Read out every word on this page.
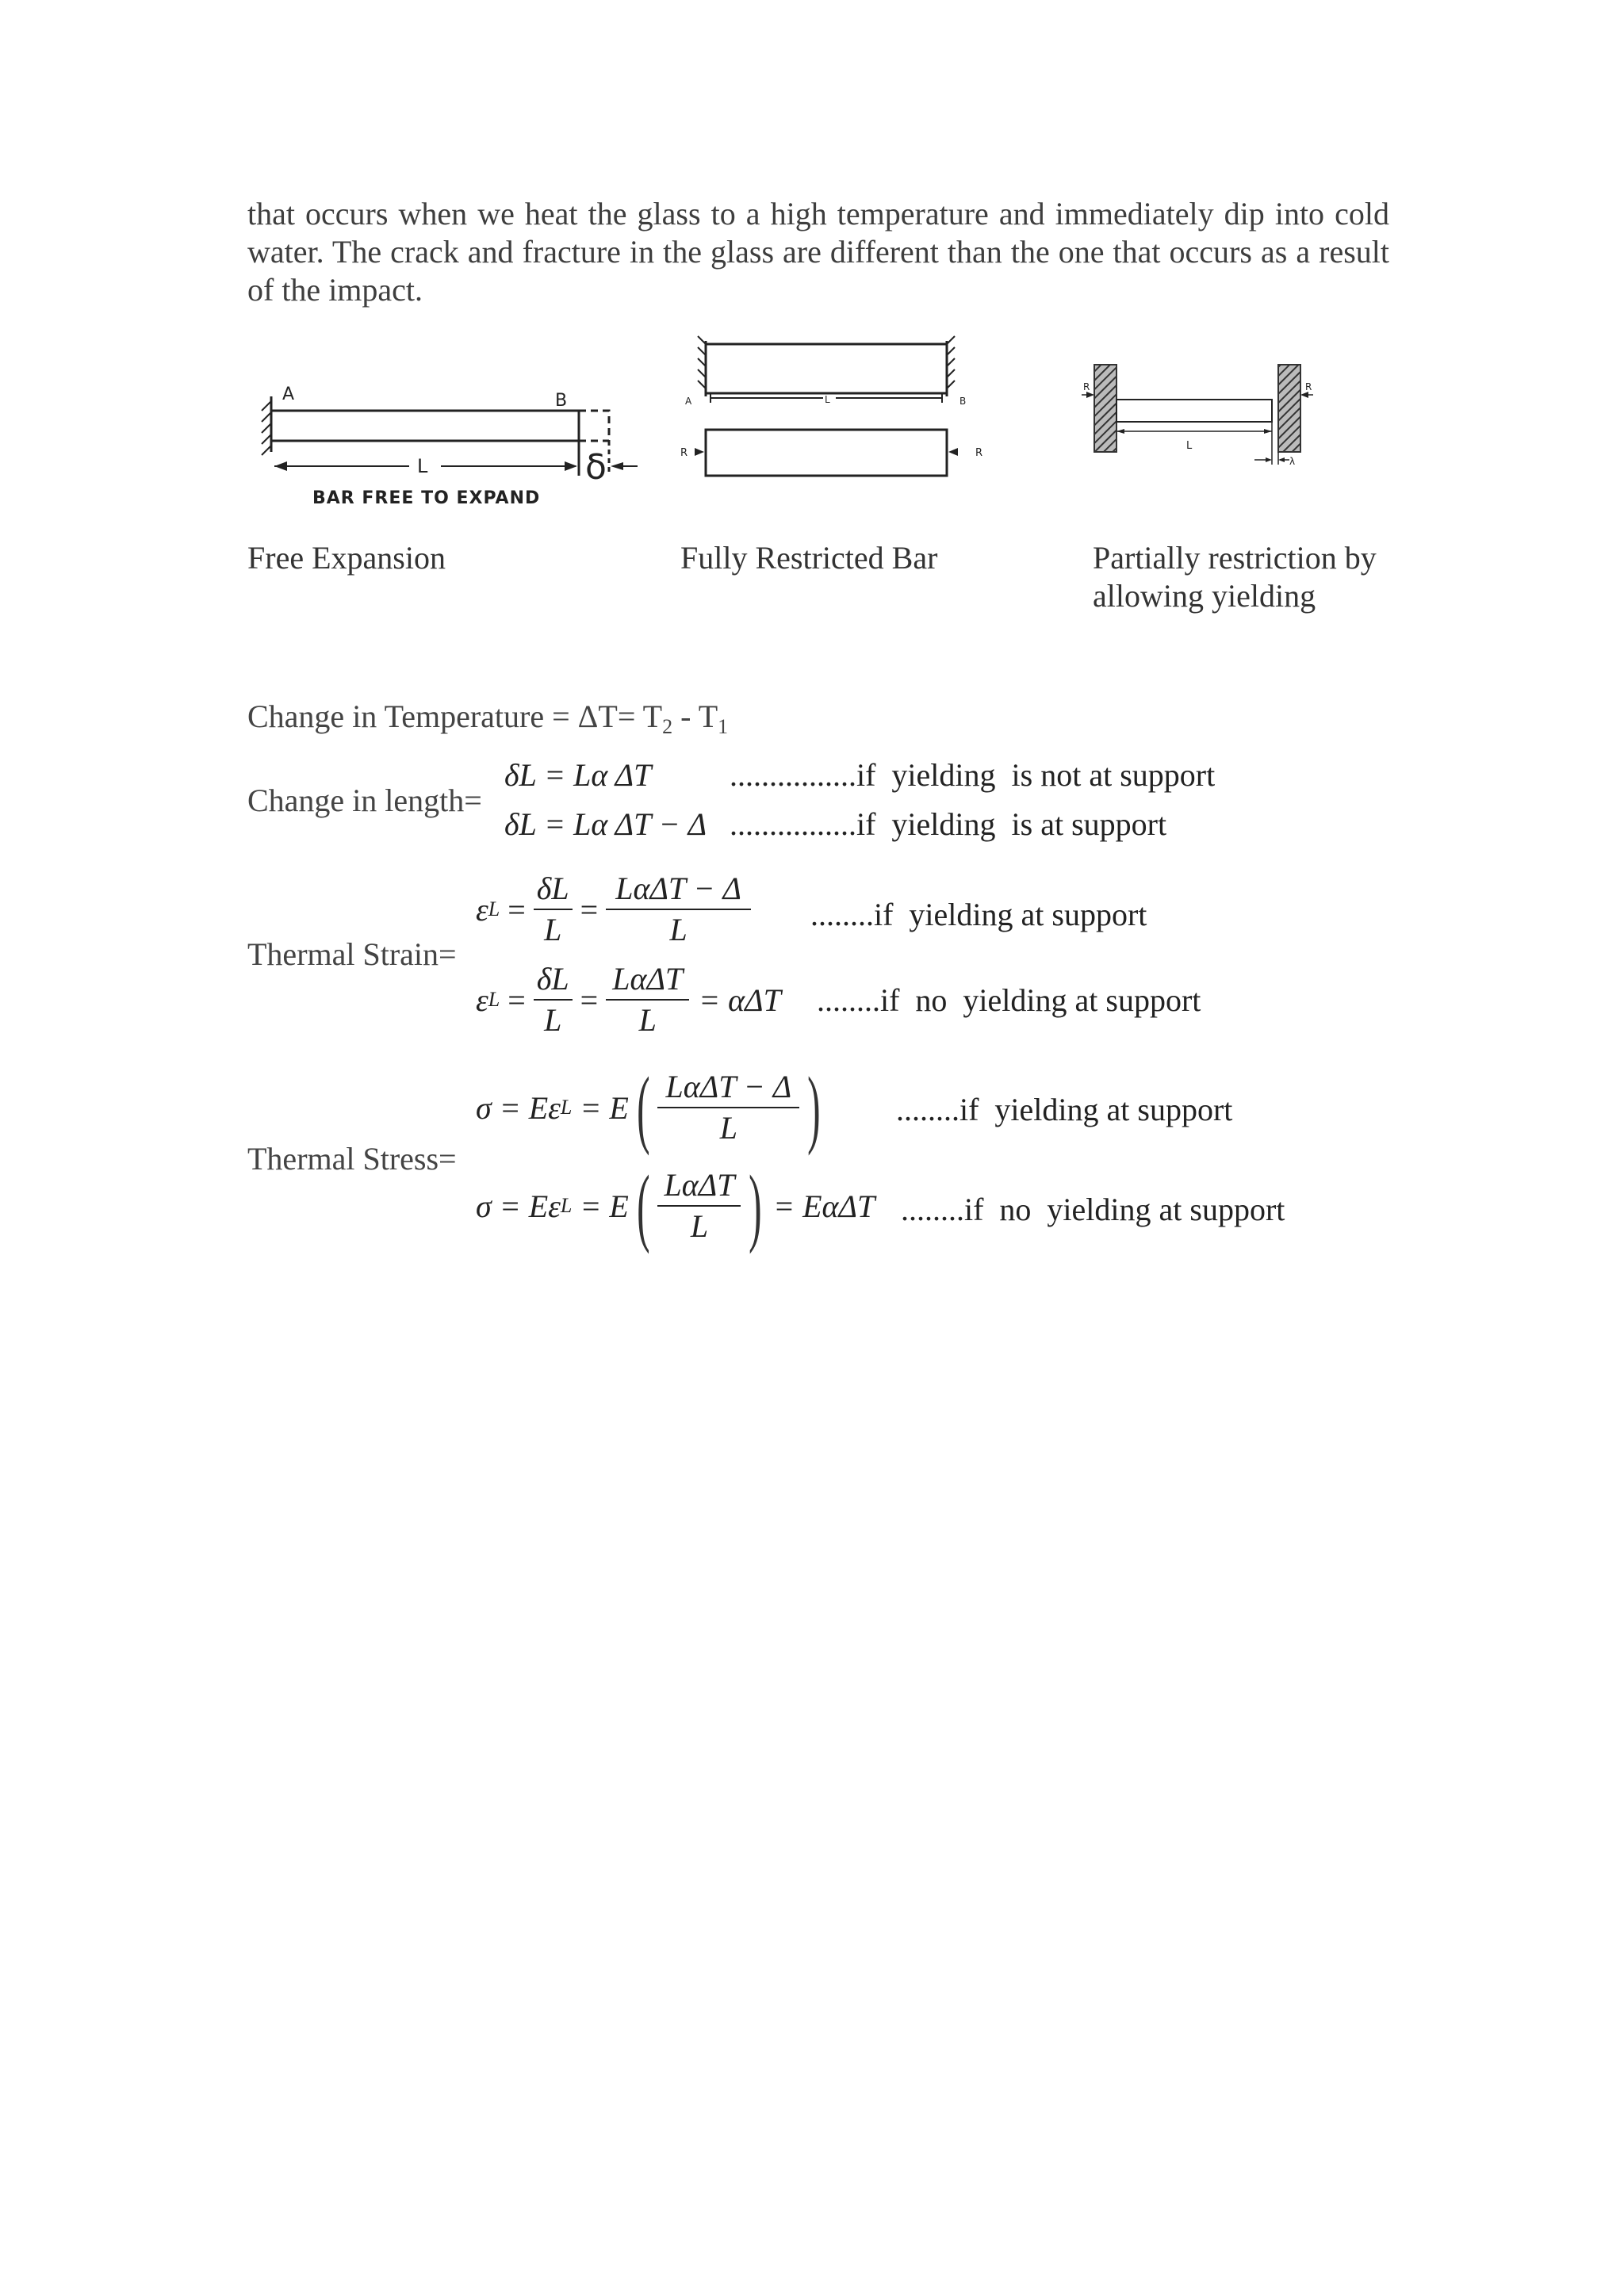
that occurs when we heat the glass to a high temperature and immediately dip into cold water. The crack and fracture in the glass are different than the one that occurs as a result of the impact.
A	B
L	δ
BAR FREE TO EXPAND
A	L	B
R	R
R	R
L
λ
Free Expansion	Fully Restricted Bar	Partially restriction by allowing yielding
Change in Temperature = $\Delta T= T_2 - T_1$
Change in length=
δL = Lα ΔT ................if  yielding  is not at support
δL = Lα ΔT − Δ ................if  yielding  is at support
Thermal Strain=
ε $L = \frac{\delta L}{L} = \frac{\text{LαΔT − Δ}}{L} ........if$  yielding at support
ε $L = \frac{\delta L}{L} = \frac{\text{LαΔT}}{L} = \alpha\Delta T$ ........if  no  yielding at support
Thermal Stress=
σ = Eε L = E ( $\frac{\text{LαΔT − Δ}}{L}$ ) ........if  yielding at support
σ = Eε L = E ( $\frac{\text{LαΔT}}{L}$ ) = EαΔT ........if  no  yielding at support
